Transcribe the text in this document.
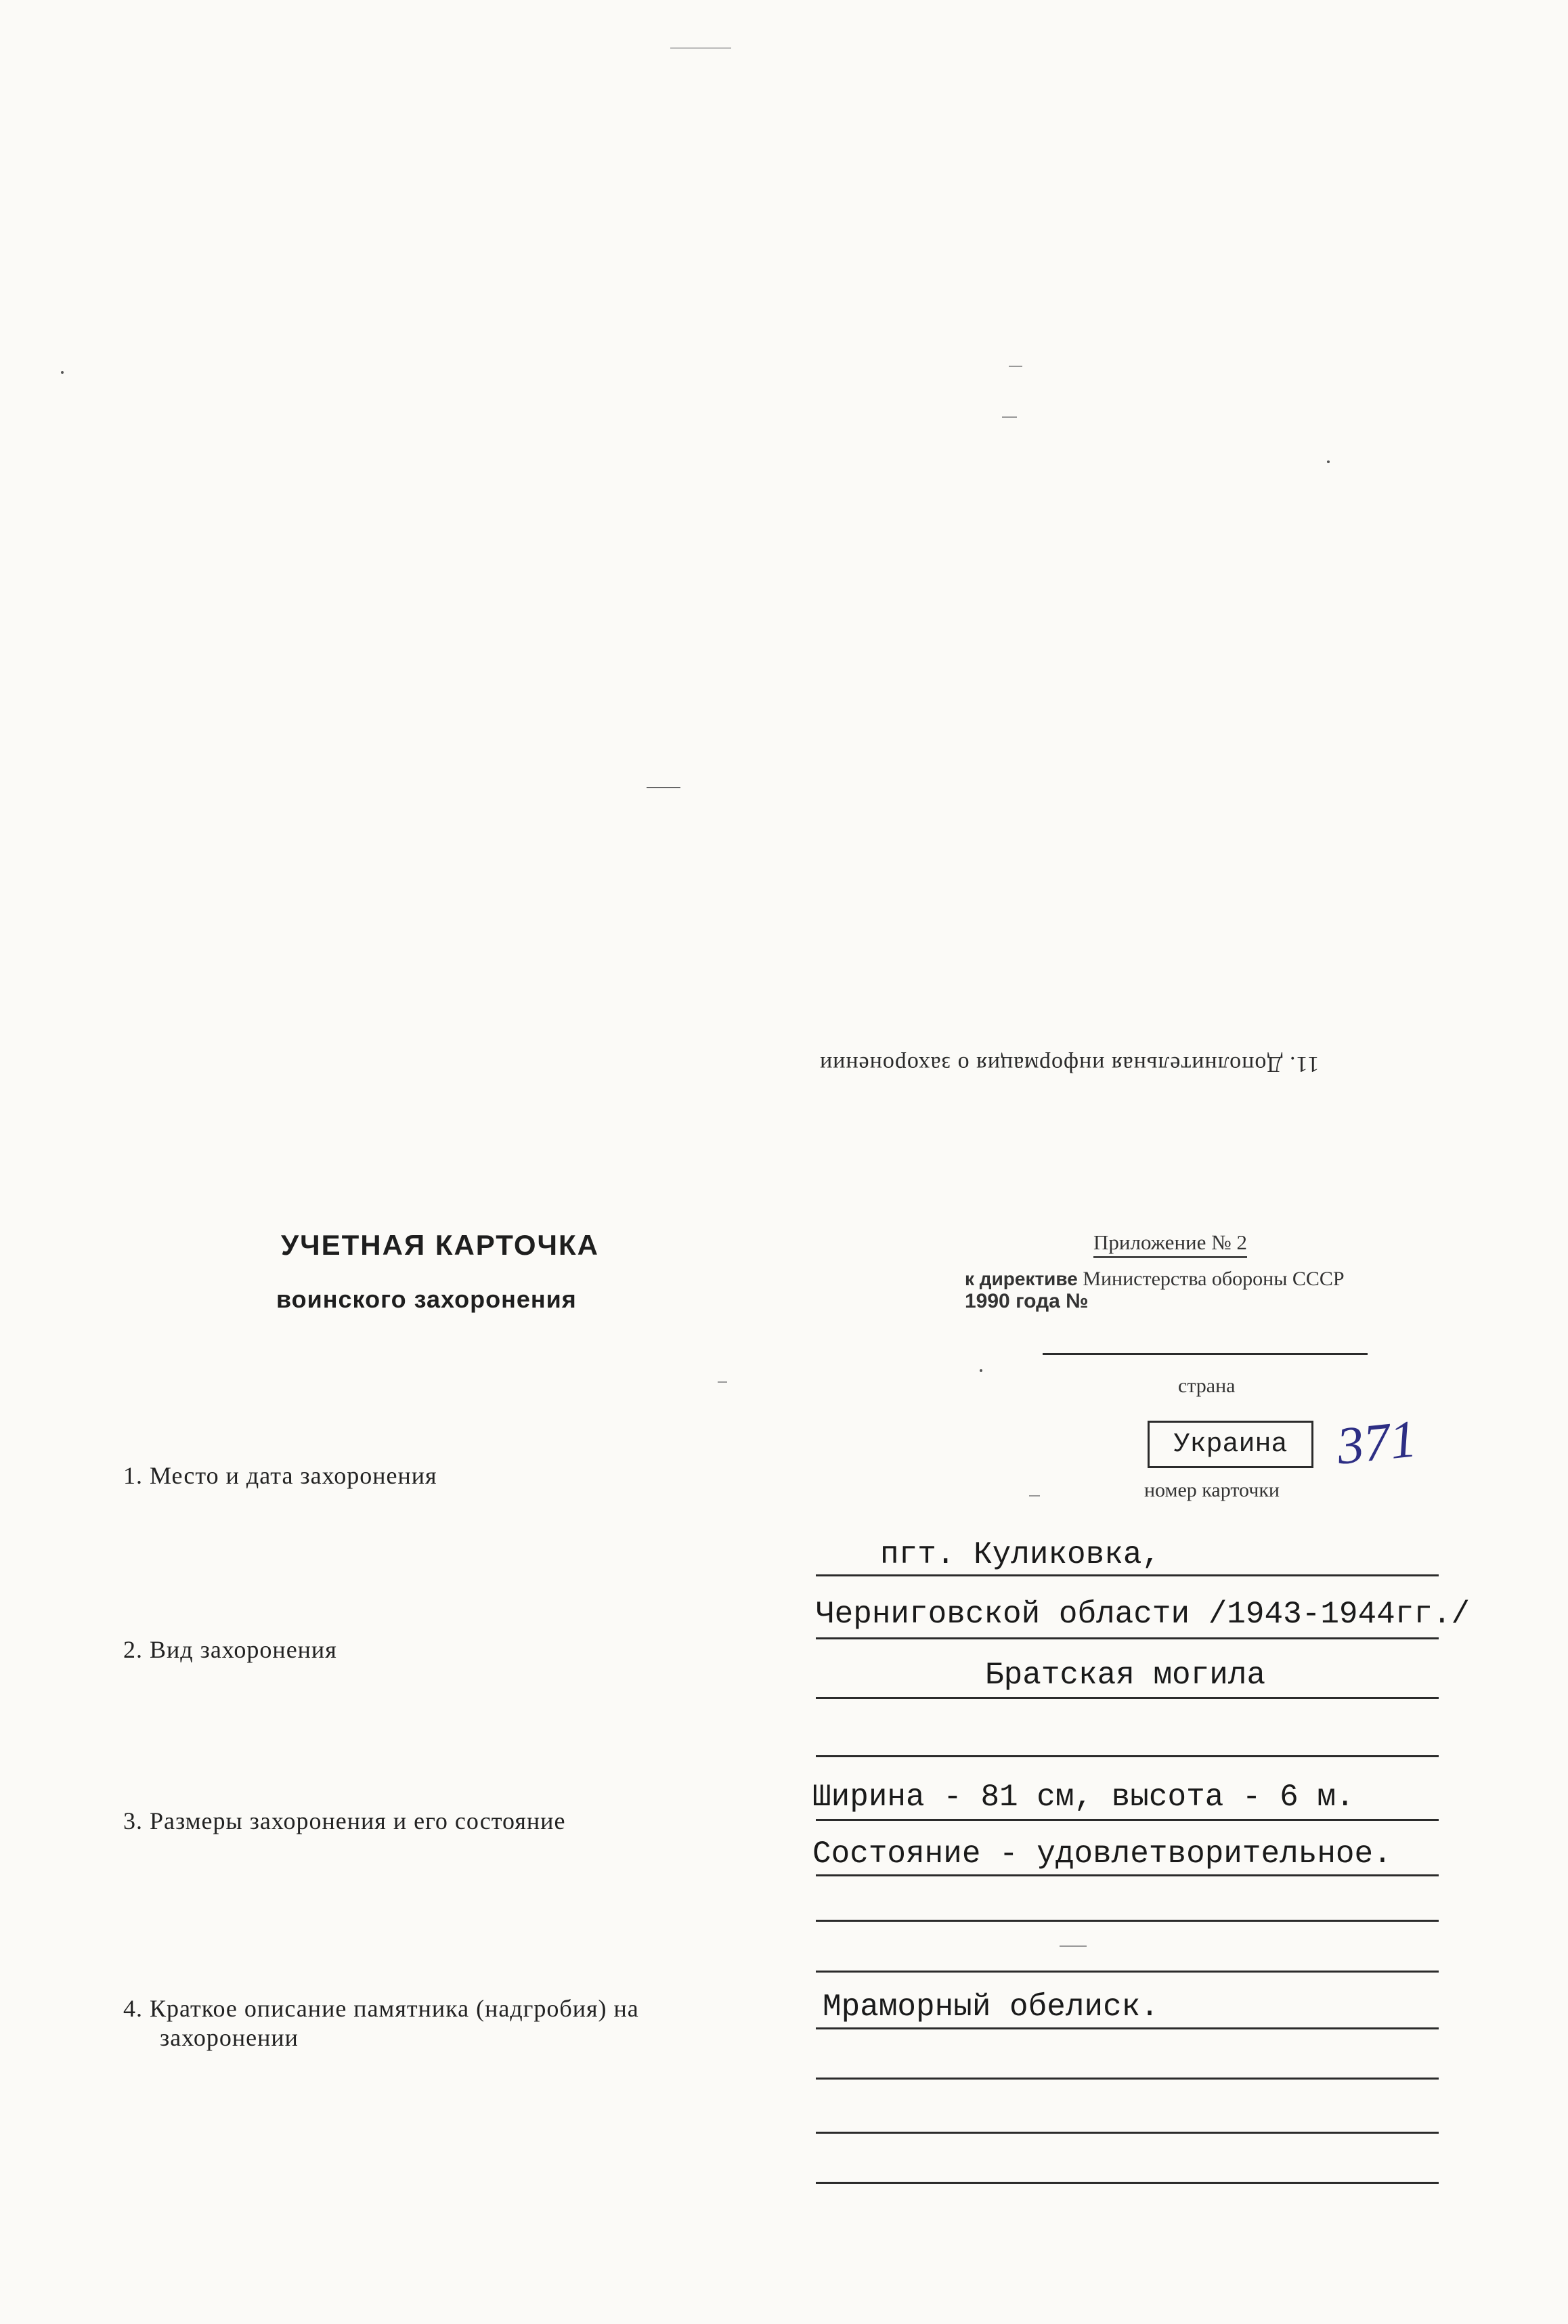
11. Дополнительная информация о захоронении
УЧЕТНАЯ КАРТОЧКА
воинского захоронения
Приложение № 2
к директиве Министерства обороны СССР
1990 года №
страна
Украина 371
номер карточки
1. Место и дата захоронения
пгт. Куликовка,
Черниговской области /1943-1944гг./
2. Вид захоронения
Братская могила
3. Размеры захоронения и его состояние
Ширина - 81 см, высота - 6 м.
Состояние - удовлетворительное.
4. Краткое описание памятника (надгробия) на
захоронении
Мраморный обелиск.
